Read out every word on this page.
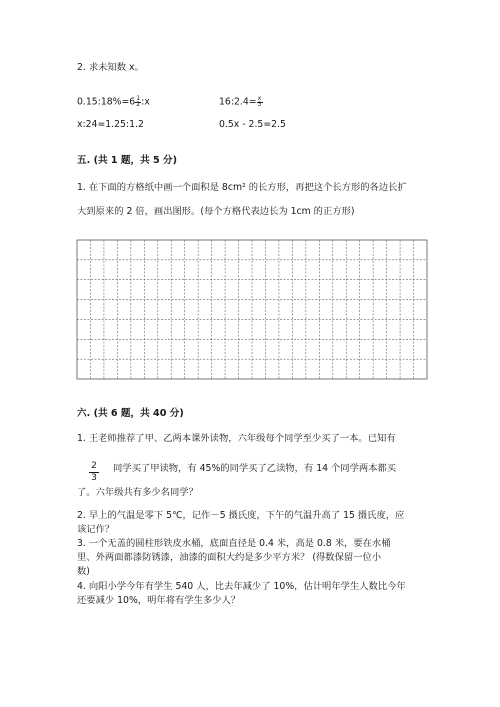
2. 求未知数 x。
0.15:18%=6 $\frac{1}{2}$ :x	16:2.4= $\frac{x}{3}$
x:24=1.25:1.2	0.5x - 2.5=2.5
五. (共 1 题，共 5 分)
1. 在下面的方格纸中画一个面积是 8cm² 的长方形，再把这个长方形的各边长扩
大到原来的 2 倍，画出图形。(每个方格代表边长为 1cm 的正方形)
六. (共 6 题，共 40 分)
1. 王老师推荐了甲、乙两本课外读物，六年级每个同学至少买了一本。已知有
2
3
同学买了甲读物，有 45%的同学买了乙读物，有 14 个同学两本都买
了。六年级共有多少名同学？
2. 早上的气温是零下 5℃，记作－5 摄氏度，下午的气温升高了 15 摄氏度，应
该记作？
3. 一个无盖的圆柱形铁皮水桶，底面直径是 0.4 米，高是 0.8 米，要在水桶
里、外两面都漆防锈漆，油漆的面积大约是多少平方米？ (得数保留一位小
数)
4. 向阳小学今年有学生 540 人，比去年减少了 10%，估计明年学生人数比今年
还要减少 10%，明年将有学生多少人？
